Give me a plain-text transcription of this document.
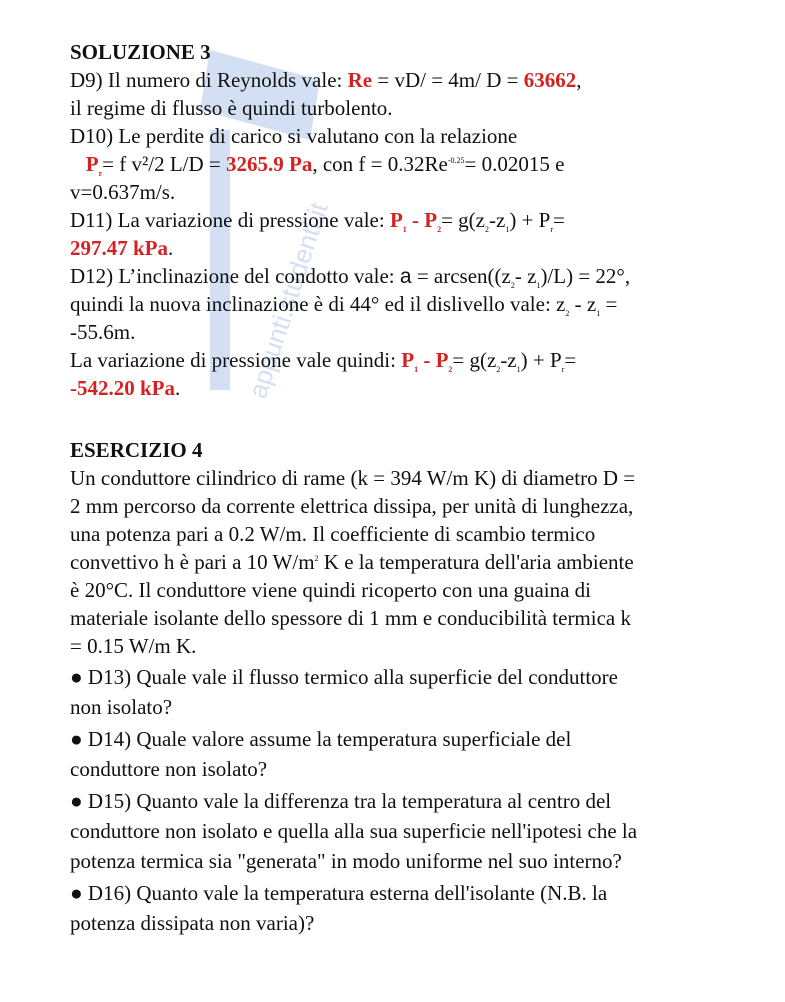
appunti.studenti.it
SOLUZIONE 3
D9) Il numero di Reynolds vale: Re = vD/ = 4m/ D = 63662,
il regime di flusso è quindi turbolento.
D10) Le perdite di carico si valutano con la relazione
$P_r= f$ v²/2 L/D = 3265.9 Pa, con $f = 0.32Re^{-0.25}= 0.02015$ e
v=0.637m/s.
D11) La variazione di pressione vale: $P_1 - P_2= g(z_2-z_1) + P_r=$
297.47 kPa.
D12) L’inclinazione del condotto vale: $a = arcsen((z_2-$ $z_1)/L) = 22^\circ$,
quindi la nuova inclinazione è di 44° ed il dislivello vale: $z_2 - z_1$ =
-55.6m.
La variazione di pressione vale quindi: $P_1 - P_2= g(z_2-z_1) + P_r=$
-542.20 kPa.
ESERCIZIO 4
Un conduttore cilindrico di rame (k = 394 W/m K) di diametro D =
2 mm percorso da corrente elettrica dissipa, per unità di lunghezza,
una potenza pari a 0.2 W/m. Il coefficiente di scambio termico
convettivo h è pari a 10 $W/m^2$ K e la temperatura dell'aria ambiente
è 20°C. Il conduttore viene quindi ricoperto con una guaina di
materiale isolante dello spessore di 1 mm e conducibilità termica k
= 0.15 W/m K.
● D13) Quale vale il flusso termico alla superficie del conduttore
non isolato?
● D14) Quale valore assume la temperatura superficiale del
conduttore non isolato?
● D15) Quanto vale la differenza tra la temperatura al centro del
conduttore non isolato e quella alla sua superficie nell'ipotesi che la
potenza termica sia "generata" in modo uniforme nel suo interno?
● D16) Quanto vale la temperatura esterna dell'isolante (N.B. la
potenza dissipata non varia)?
